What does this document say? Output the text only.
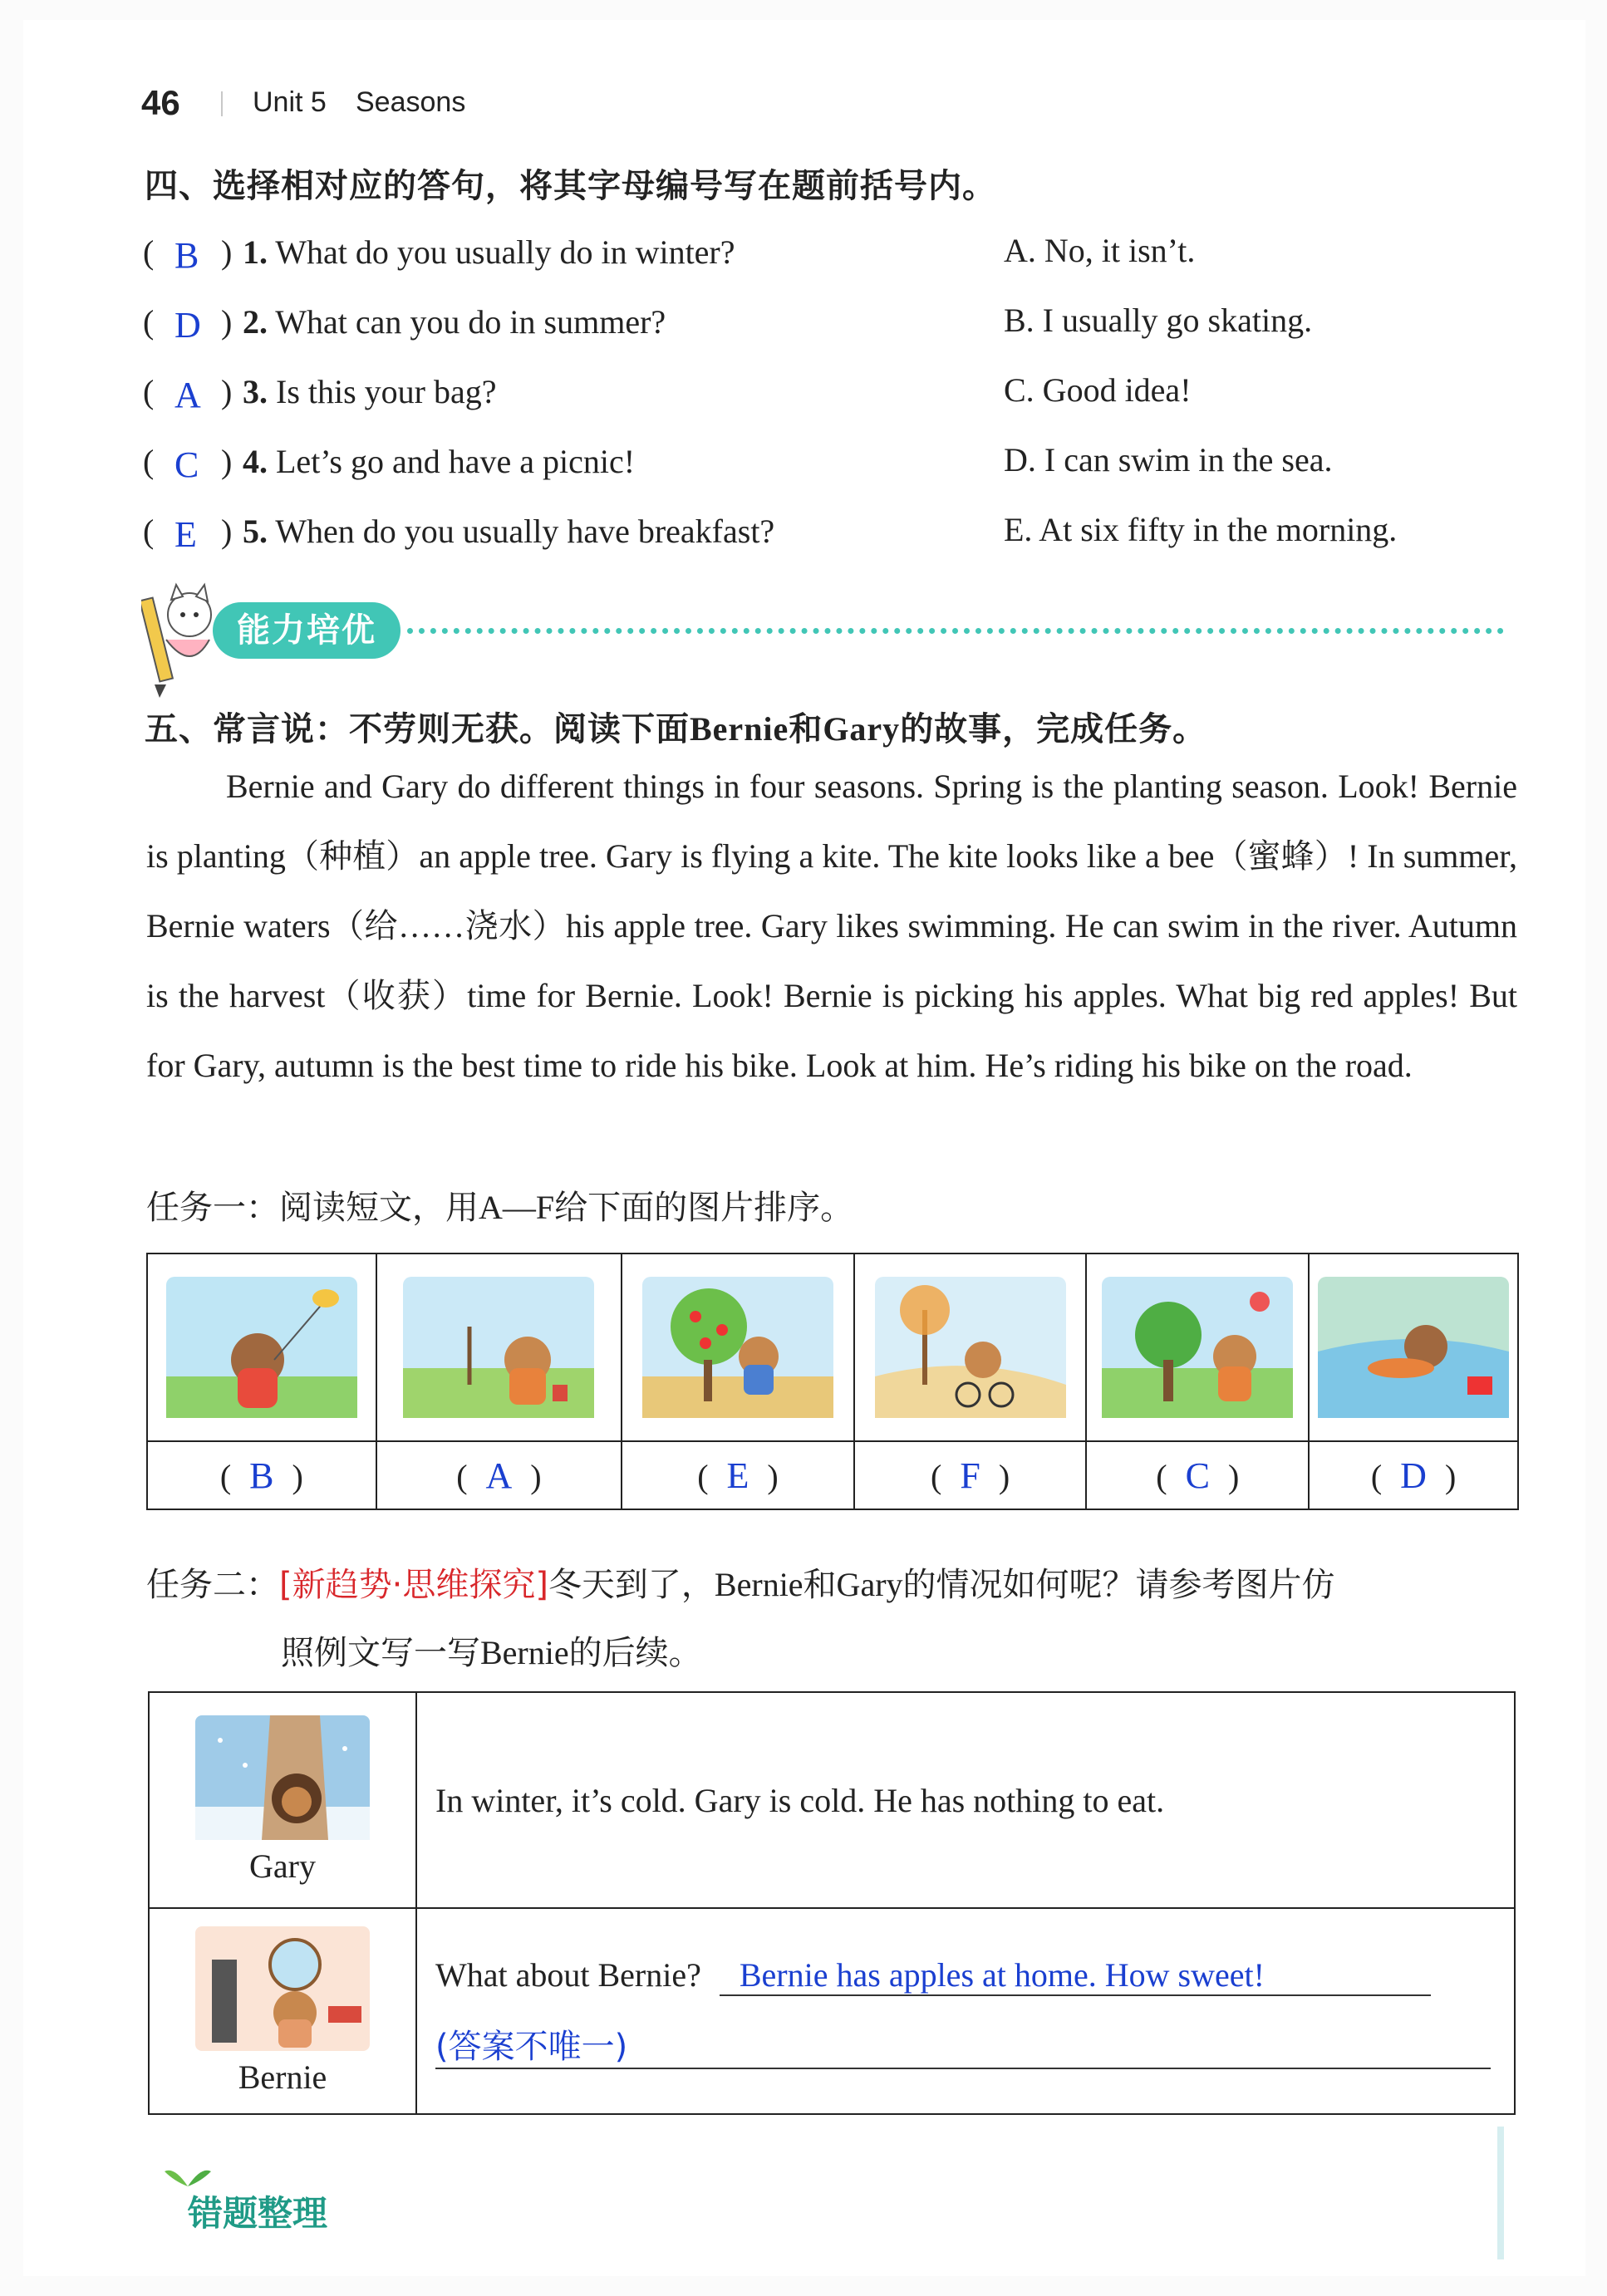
46	Unit 5 Seasons
四、选择相对应的答句，将其字母编号写在题前括号内。
( B ) 1. What do you usually do in winter?
( D ) 2. What can you do in summer?
( A ) 3. Is this your bag?
( C ) 4. Let’s go and have a picnic!
( E ) 5. When do you usually have breakfast?
A. No, it isn’t.
B. I usually go skating.
C. Good idea!
D. I can swim in the sea.
E. At six fifty in the morning.
能力培优
五、常言说：不劳则无获。阅读下面Bernie和Gary的故事，完成任务。

Bernie and Gary do different things in four seasons. Spring is the planting season. Look! Bernie is planting（种植）an apple tree. Gary is flying a kite. The kite looks like a bee（蜜蜂）! In summer, Bernie waters（给……浇水）his apple tree. Gary likes swimming. He can swim in the river. Autumn is the harvest（收获）time for Bernie. Look! Bernie is picking his apples. What big red apples! But for Gary, autumn is the best time to ride his bike. Look at him. He’s riding his bike on the road.

任务一：阅读短文，用A—F给下面的图片排序。

( B )	( A )	( E )	( F )	( C )	( D )
任务二：[新趋势·思维探究]冬天到了，Bernie和Gary的情况如何呢？请参考图片仿
照例文写一写Bernie的后续。
Gary	In winter, it’s cold. Gary is cold. He has nothing to eat.

Bernie	What about Bernie? Bernie has apples at home. How sweet!
(答案不唯一)
错题整理
